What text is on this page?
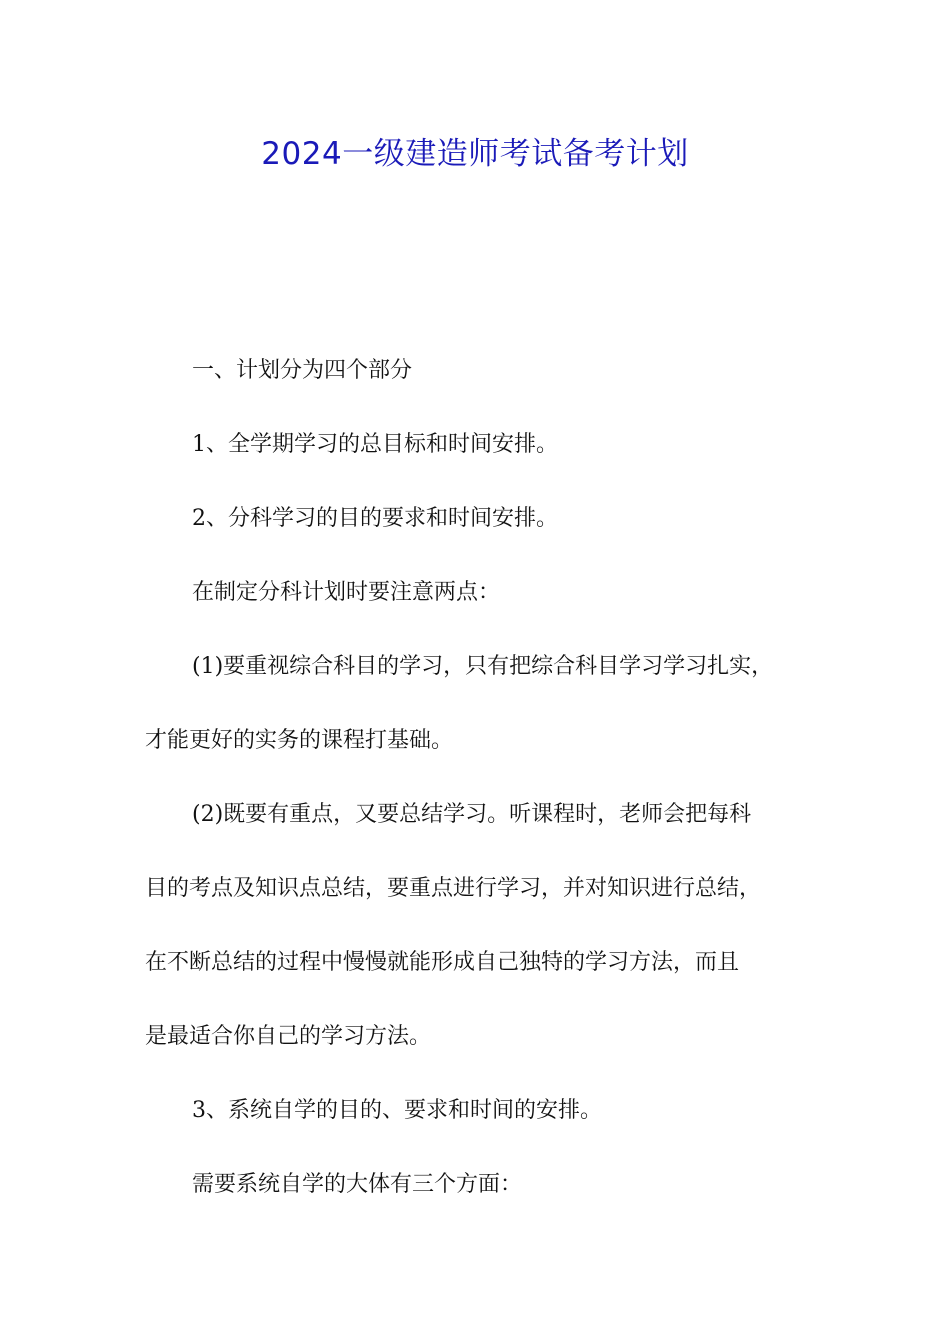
2024一级建造师考试备考计划

一、计划分为四个部分

1、全学期学习的总目标和时间安排。

2、分科学习的目的要求和时间安排。

在制定分科计划时要注意两点：

(1)要重视综合科目的学习，只有把综合科目学习学习扎实，

才能更好的实务的课程打基础。

(2)既要有重点，又要总结学习。听课程时，老师会把每科

目的考点及知识点总结，要重点进行学习，并对知识进行总结，

在不断总结的过程中慢慢就能形成自己独特的学习方法，而且

是最适合你自己的学习方法。

3、系统自学的目的、要求和时间的安排。

需要系统自学的大体有三个方面：
